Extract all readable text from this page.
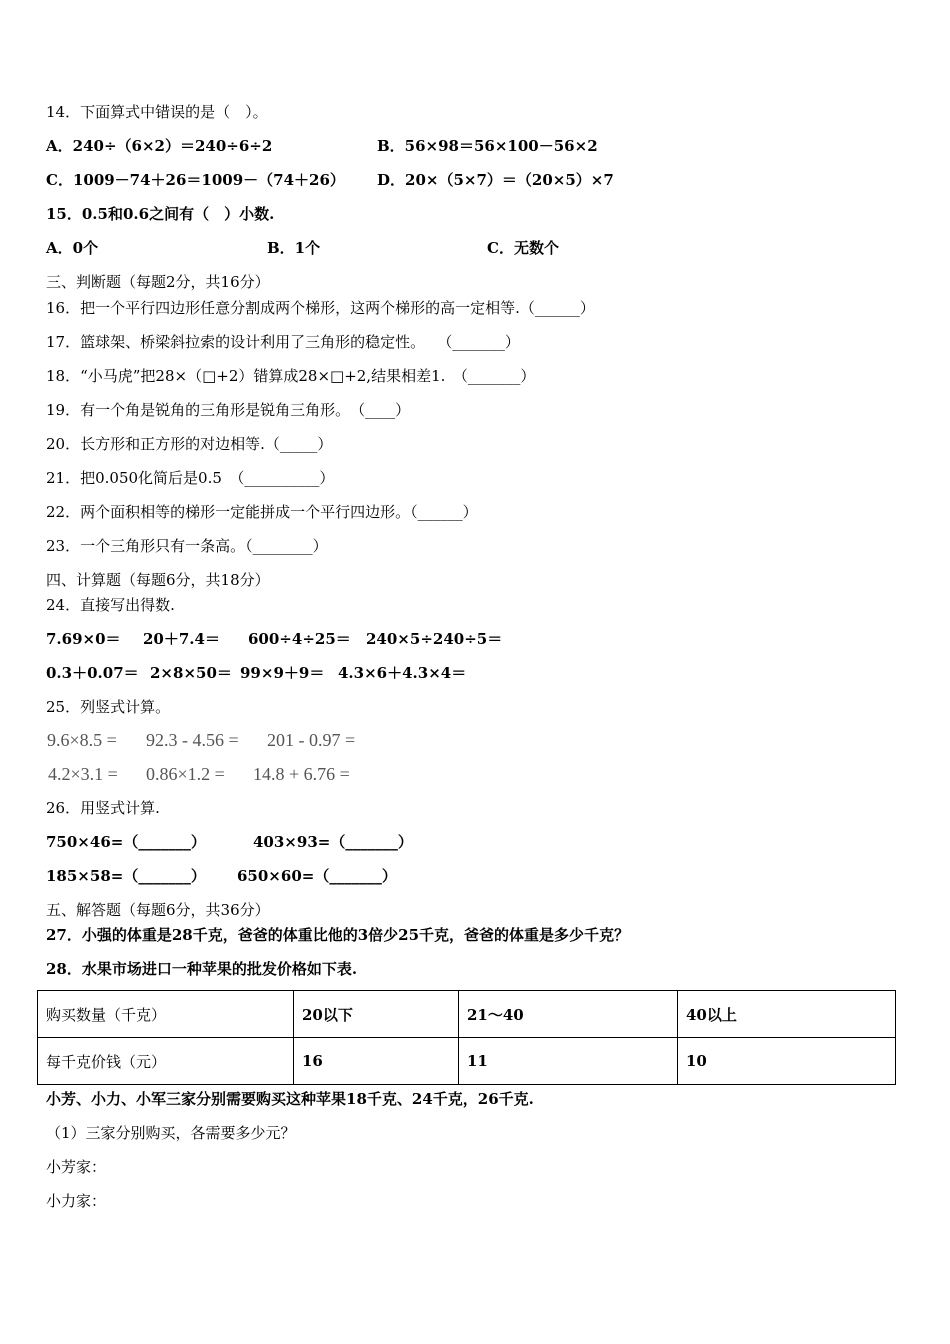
14．下面算式中错误的是（　）。
A．240÷（6×2）＝240÷6÷2	B．56×98＝56×100－56×2
C．1009－74＋26＝1009－（74＋26） D．20×（5×7）＝（20×5）×7
15．0.5和0.6之间有（　）小数.
A．0个	B．1个	C．无数个
三、判断题（每题2分，共16分）
16．把一个平行四边形任意分割成两个梯形，这两个梯形的高一定相等.（______）
17．篮球架、桥梁斜拉索的设计利用了三角形的稳定性。　 （_______）
18．“小马虎”把28×（□+2）错算成28×□+2,结果相差1.　（_______）
19．有一个角是锐角的三角形是锐角三角形。　（____）
20．长方形和正方形的对边相等.（_____）
21．把0.050化简后是0.5　（__________）
22．两个面积相等的梯形一定能拼成一个平行四边形。（______）
23．一个三角形只有一条高。（________）
四、计算题（每题6分，共18分）
24．直接写出得数.
7.69×0＝ 20＋7.4＝ 600÷4÷25＝ 240×5÷240÷5＝
0.3＋0.07＝ 2×8×50＝ 99×9＋9＝ 4.3×6＋4.3×4＝
25．列竖式计算。
9.6×8.5 = 92.3 - 4.56 = 201 - 0.97 =
4.2×3.1 = 0.86×1.2 = 14.8 + 6.76 =
26．用竖式计算.
750×46=（_______）	403×93=（_______）
185×58=（_______） 650×60=（_______）
五、解答题（每题6分，共36分）
27．小强的体重是28千克，爸爸的体重比他的3倍少25千克，爸爸的体重是多少千克？
28．水果市场进口一种苹果的批发价格如下表.
购买数量（千克）	20以下	21～40	40以上
每千克价钱（元）	16	11	10
小芳、小力、小军三家分别需要购买这种苹果18千克、24千克，26千克.
（1）三家分别购买，各需要多少元？
小芳家：
小力家：
